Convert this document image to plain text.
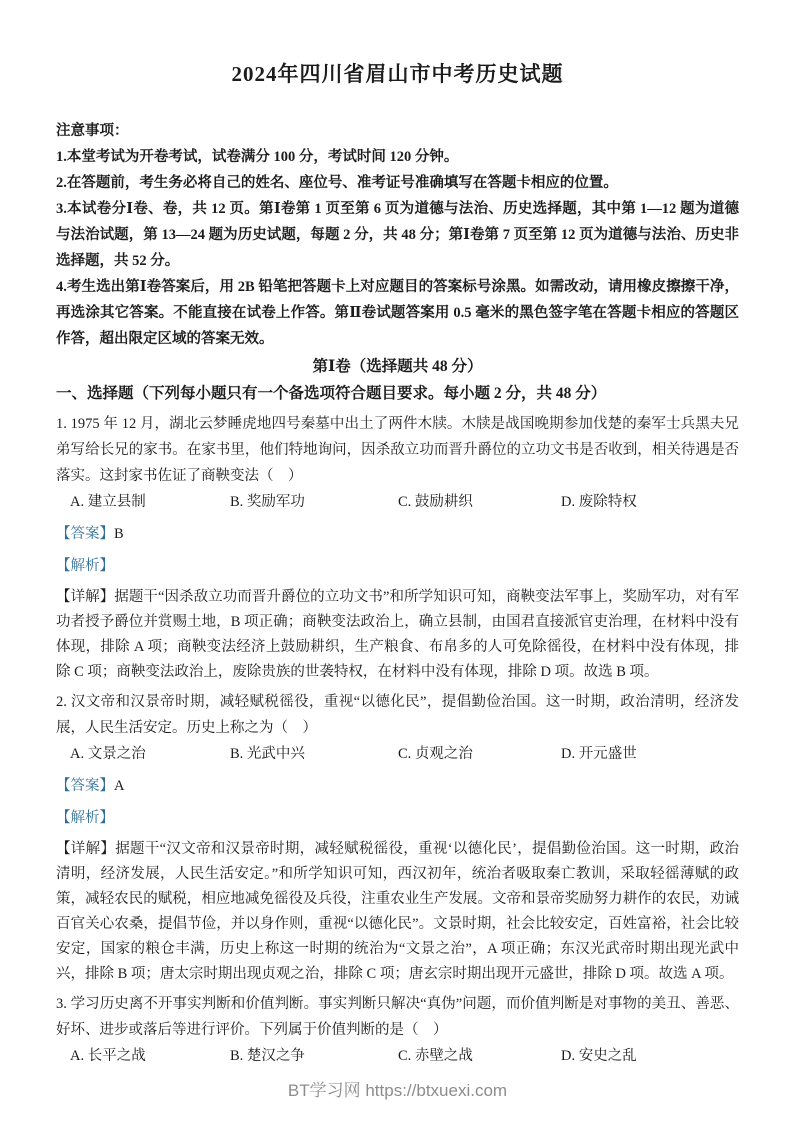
2024年四川省眉山市中考历史试题

注意事项：

1.本堂考试为开卷考试，试卷满分 100 分，考试时间 120 分钟。

2.在答题前，考生务必将自己的姓名、座位号、准考证号准确填写在答题卡相应的位置。

3.本试卷分Ⅰ卷、卷，共 12 页。第Ⅰ卷第 1 页至第 6 页为道德与法治、历史选择题，其中第 1—12 题为道德与法治试题，第 13—24 题为历史试题，每题 2 分，共 48 分；第Ⅰ卷第 7 页至第 12 页为道德与法治、历史非选择题，共 52 分。

4.考生选出第Ⅰ卷答案后，用 2B 铅笔把答题卡上对应题目的答案标号涂黑。如需改动，请用橡皮擦擦干净，再选涂其它答案。不能直接在试卷上作答。第Ⅱ卷试题答案用 0.5 毫米的黑色签字笔在答题卡相应的答题区作答，超出限定区域的答案无效。

第Ⅰ卷（选择题共 48 分）

一、选择题（下列每小题只有一个备选项符合题目要求。每小题 2 分，共 48 分）

1. 1975 年 12 月，湖北云梦睡虎地四号秦墓中出土了两件木牍。木牍是战国晚期参加伐楚的秦军士兵黑夫兄弟写给长兄的家书。在家书里，他们特地询问，因杀敌立功而晋升爵位的立功文书是否收到，相关待遇是否落实。这封家书佐证了商鞅变法（　）

A. 建立县制	B. 奖励军功	C. 鼓励耕织	D. 废除特权

【答案】B

【解析】

【详解】据题干“因杀敌立功而晋升爵位的立功文书”和所学知识可知，商鞅变法军事上，奖励军功，对有军功者授予爵位并赏赐土地，B 项正确；商鞅变法政治上，确立县制，由国君直接派官吏治理，在材料中没有体现，排除 A 项；商鞅变法经济上鼓励耕织，生产粮食、布帛多的人可免除徭役，在材料中没有体现，排除 C 项；商鞅变法政治上，废除贵族的世袭特权，在材料中没有体现，排除 D 项。故选 B 项。

2. 汉文帝和汉景帝时期，减轻赋税徭役，重视“以德化民”，提倡勤俭治国。这一时期，政治清明，经济发展，人民生活安定。历史上称之为（　）

A. 文景之治	B. 光武中兴	C. 贞观之治	D. 开元盛世

【答案】A

【解析】

【详解】据题干“汉文帝和汉景帝时期，减轻赋税徭役，重视‘以德化民’，提倡勤俭治国。这一时期，政治清明，经济发展，人民生活安定。”和所学知识可知，西汉初年，统治者吸取秦亡教训，采取轻徭薄赋的政策，减轻农民的赋税，相应地减免徭役及兵役，注重农业生产发展。文帝和景帝奖励努力耕作的农民，劝诫百官关心农桑，提倡节俭，并以身作则，重视“以德化民”。文景时期，社会比较安定，百姓富裕，社会比较安定，国家的粮仓丰满，历史上称这一时期的统治为“文景之治”，A 项正确；东汉光武帝时期出现光武中兴，排除 B 项；唐太宗时期出现贞观之治，排除 C 项；唐玄宗时期出现开元盛世，排除 D 项。故选 A 项。

3. 学习历史离不开事实判断和价值判断。事实判断只解决“真伪”问题，而价值判断是对事物的美丑、善恶、好坏、进步或落后等进行评价。下列属于价值判断的是（　）

A. 长平之战	B. 楚汉之争	C. 赤壁之战	D. 安史之乱
BT学习网 https://btxuexi.com
